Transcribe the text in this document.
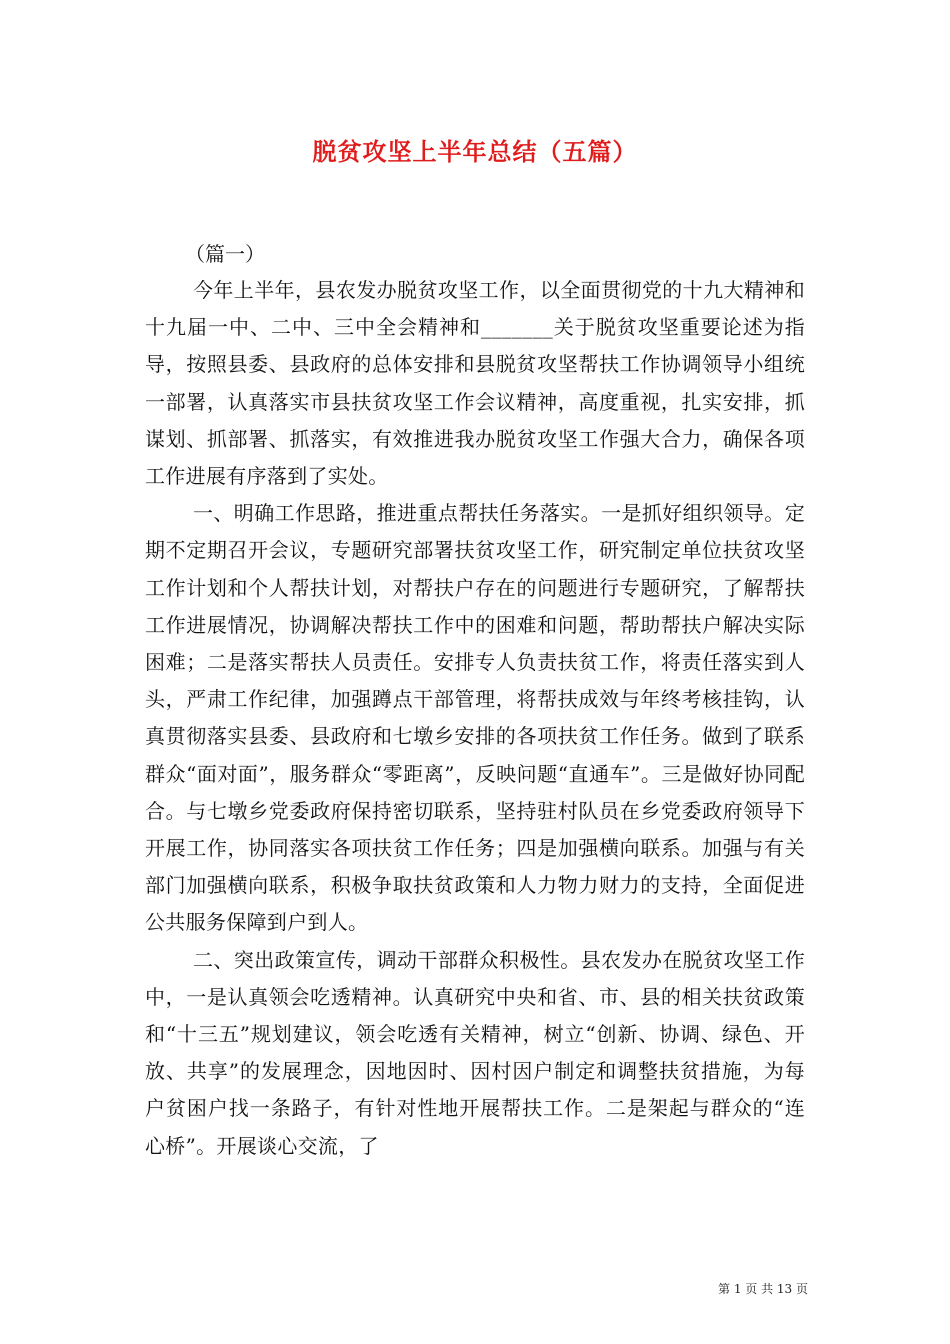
脱贫攻坚上半年总结（五篇）

（篇一）

今年上半年，县农发办脱贫攻坚工作，以全面贯彻党的十九大精神和十九届一中、二中、三中全会精神和_______关于脱贫攻坚重要论述为指导，按照县委、县政府的总体安排和县脱贫攻坚帮扶工作协调领导小组统一部署，认真落实市县扶贫攻坚工作会议精神，高度重视，扎实安排，抓谋划、抓部署、抓落实，有效推进我办脱贫攻坚工作强大合力，确保各项工作进展有序落到了实处。

一、明确工作思路，推进重点帮扶任务落实。一是抓好组织领导。定期不定期召开会议，专题研究部署扶贫攻坚工作，研究制定单位扶贫攻坚工作计划和个人帮扶计划，对帮扶户存在的问题进行专题研究，了解帮扶工作进展情况，协调解决帮扶工作中的困难和问题，帮助帮扶户解决实际困难；二是落实帮扶人员责任。安排专人负责扶贫工作，将责任落实到人头，严肃工作纪律，加强蹲点干部管理，将帮扶成效与年终考核挂钩，认真贯彻落实县委、县政府和七墩乡安排的各项扶贫工作任务。做到了联系群众“面对面”，服务群众“零距离”，反映问题“直通车”。三是做好协同配合。与七墩乡党委政府保持密切联系，坚持驻村队员在乡党委政府领导下开展工作，协同落实各项扶贫工作任务；四是加强横向联系。加强与有关部门加强横向联系，积极争取扶贫政策和人力物力财力的支持，全面促进公共服务保障到户到人。

二、突出政策宣传，调动干部群众积极性。县农发办在脱贫攻坚工作中，一是认真领会吃透精神。认真研究中央和省、市、县的相关扶贫政策和“十三五”规划建议，领会吃透有关精神，树立“创新、协调、绿色、开放、共享”的发展理念，因地因时、因村因户制定和调整扶贫措施，为每户贫困户找一条路子，有针对性地开展帮扶工作。二是架起与群众的“连心桥”。开展谈心交流，了

第 1 页 共 13 页
